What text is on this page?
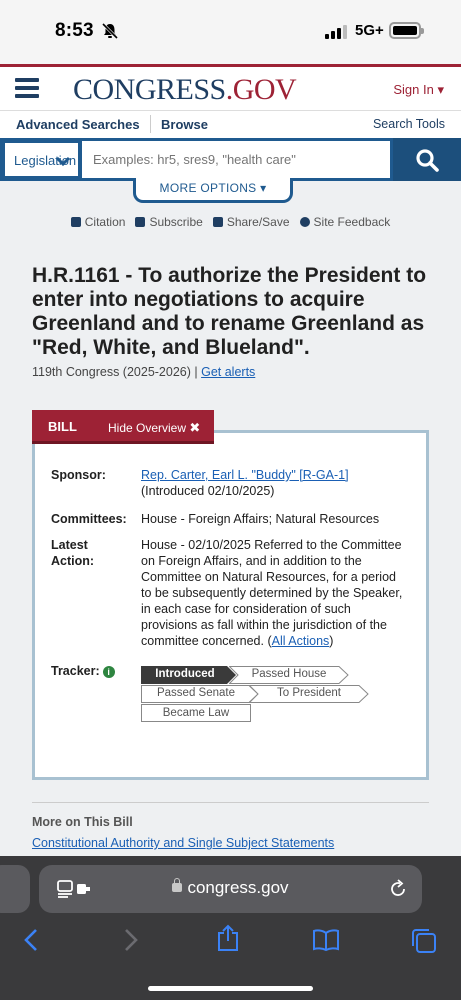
8:53	5G+
CONGRESS.GOV	Sign In ▾
Advanced Searches Browse	Search Tools
Legislation
Examples: hr5, sres9, "health care"
MORE OPTIONS ▾
Citation Subscribe Share/Save Site Feedback
H.R.1161 - To authorize the President to enter into negotiations to acquire Greenland and to rename Greenland as "Red, White, and Blueland".
119th Congress (2025-2026) | Get alerts
Sponsor:	Rep. Carter, Earl L. "Buddy" [R-GA-1]
(Introduced 02/10/2025)
Committees: House - Foreign Affairs; Natural Resources
Latest
Action:
House - 02/10/2025 Referred to the Committee on Foreign Affairs, and in addition to the Committee on Natural Resources, for a period to be subsequently determined by the Speaker, in each case for consideration of such provisions as fall within the jurisdiction of the committee concerned. (All Actions)
Tracker: i	Introduced	Passed House
Passed Senate	To President
Became Law
BILL	Hide Overview ✖
More on This Bill
Constitutional Authority and Single Subject Statements
congress.gov
